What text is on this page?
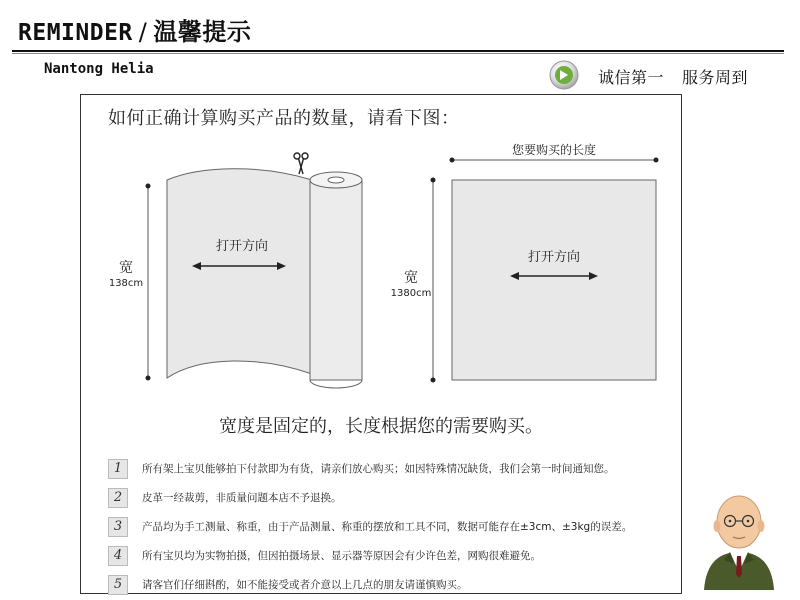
REMINDER / 温馨提示
Nantong Helia	诚信第一 服务周到
如何正确计算购买产品的数量，请看下图：
打开方向
宽
138cm
您要购买的长度
打开方向
宽
1380cm
宽度是固定的，长度根据您的需要购买。
1	所有架上宝贝能够拍下付款即为有货，请亲们放心购买；如因特殊情况缺货，我们会第一时间通知您。
2	皮革一经裁剪，非质量问题本店不予退换。
3	产品均为手工测量、称重，由于产品测量、称重的摆放和工具不同，数据可能存在±3cm、±3kg的误差。
4	所有宝贝均为实物拍摄，但因拍摄场景、显示器等原因会有少许色差，网购很难避免。
5	请客官们仔细斟酌，如不能接受或者介意以上几点的朋友请谨慎购买。
